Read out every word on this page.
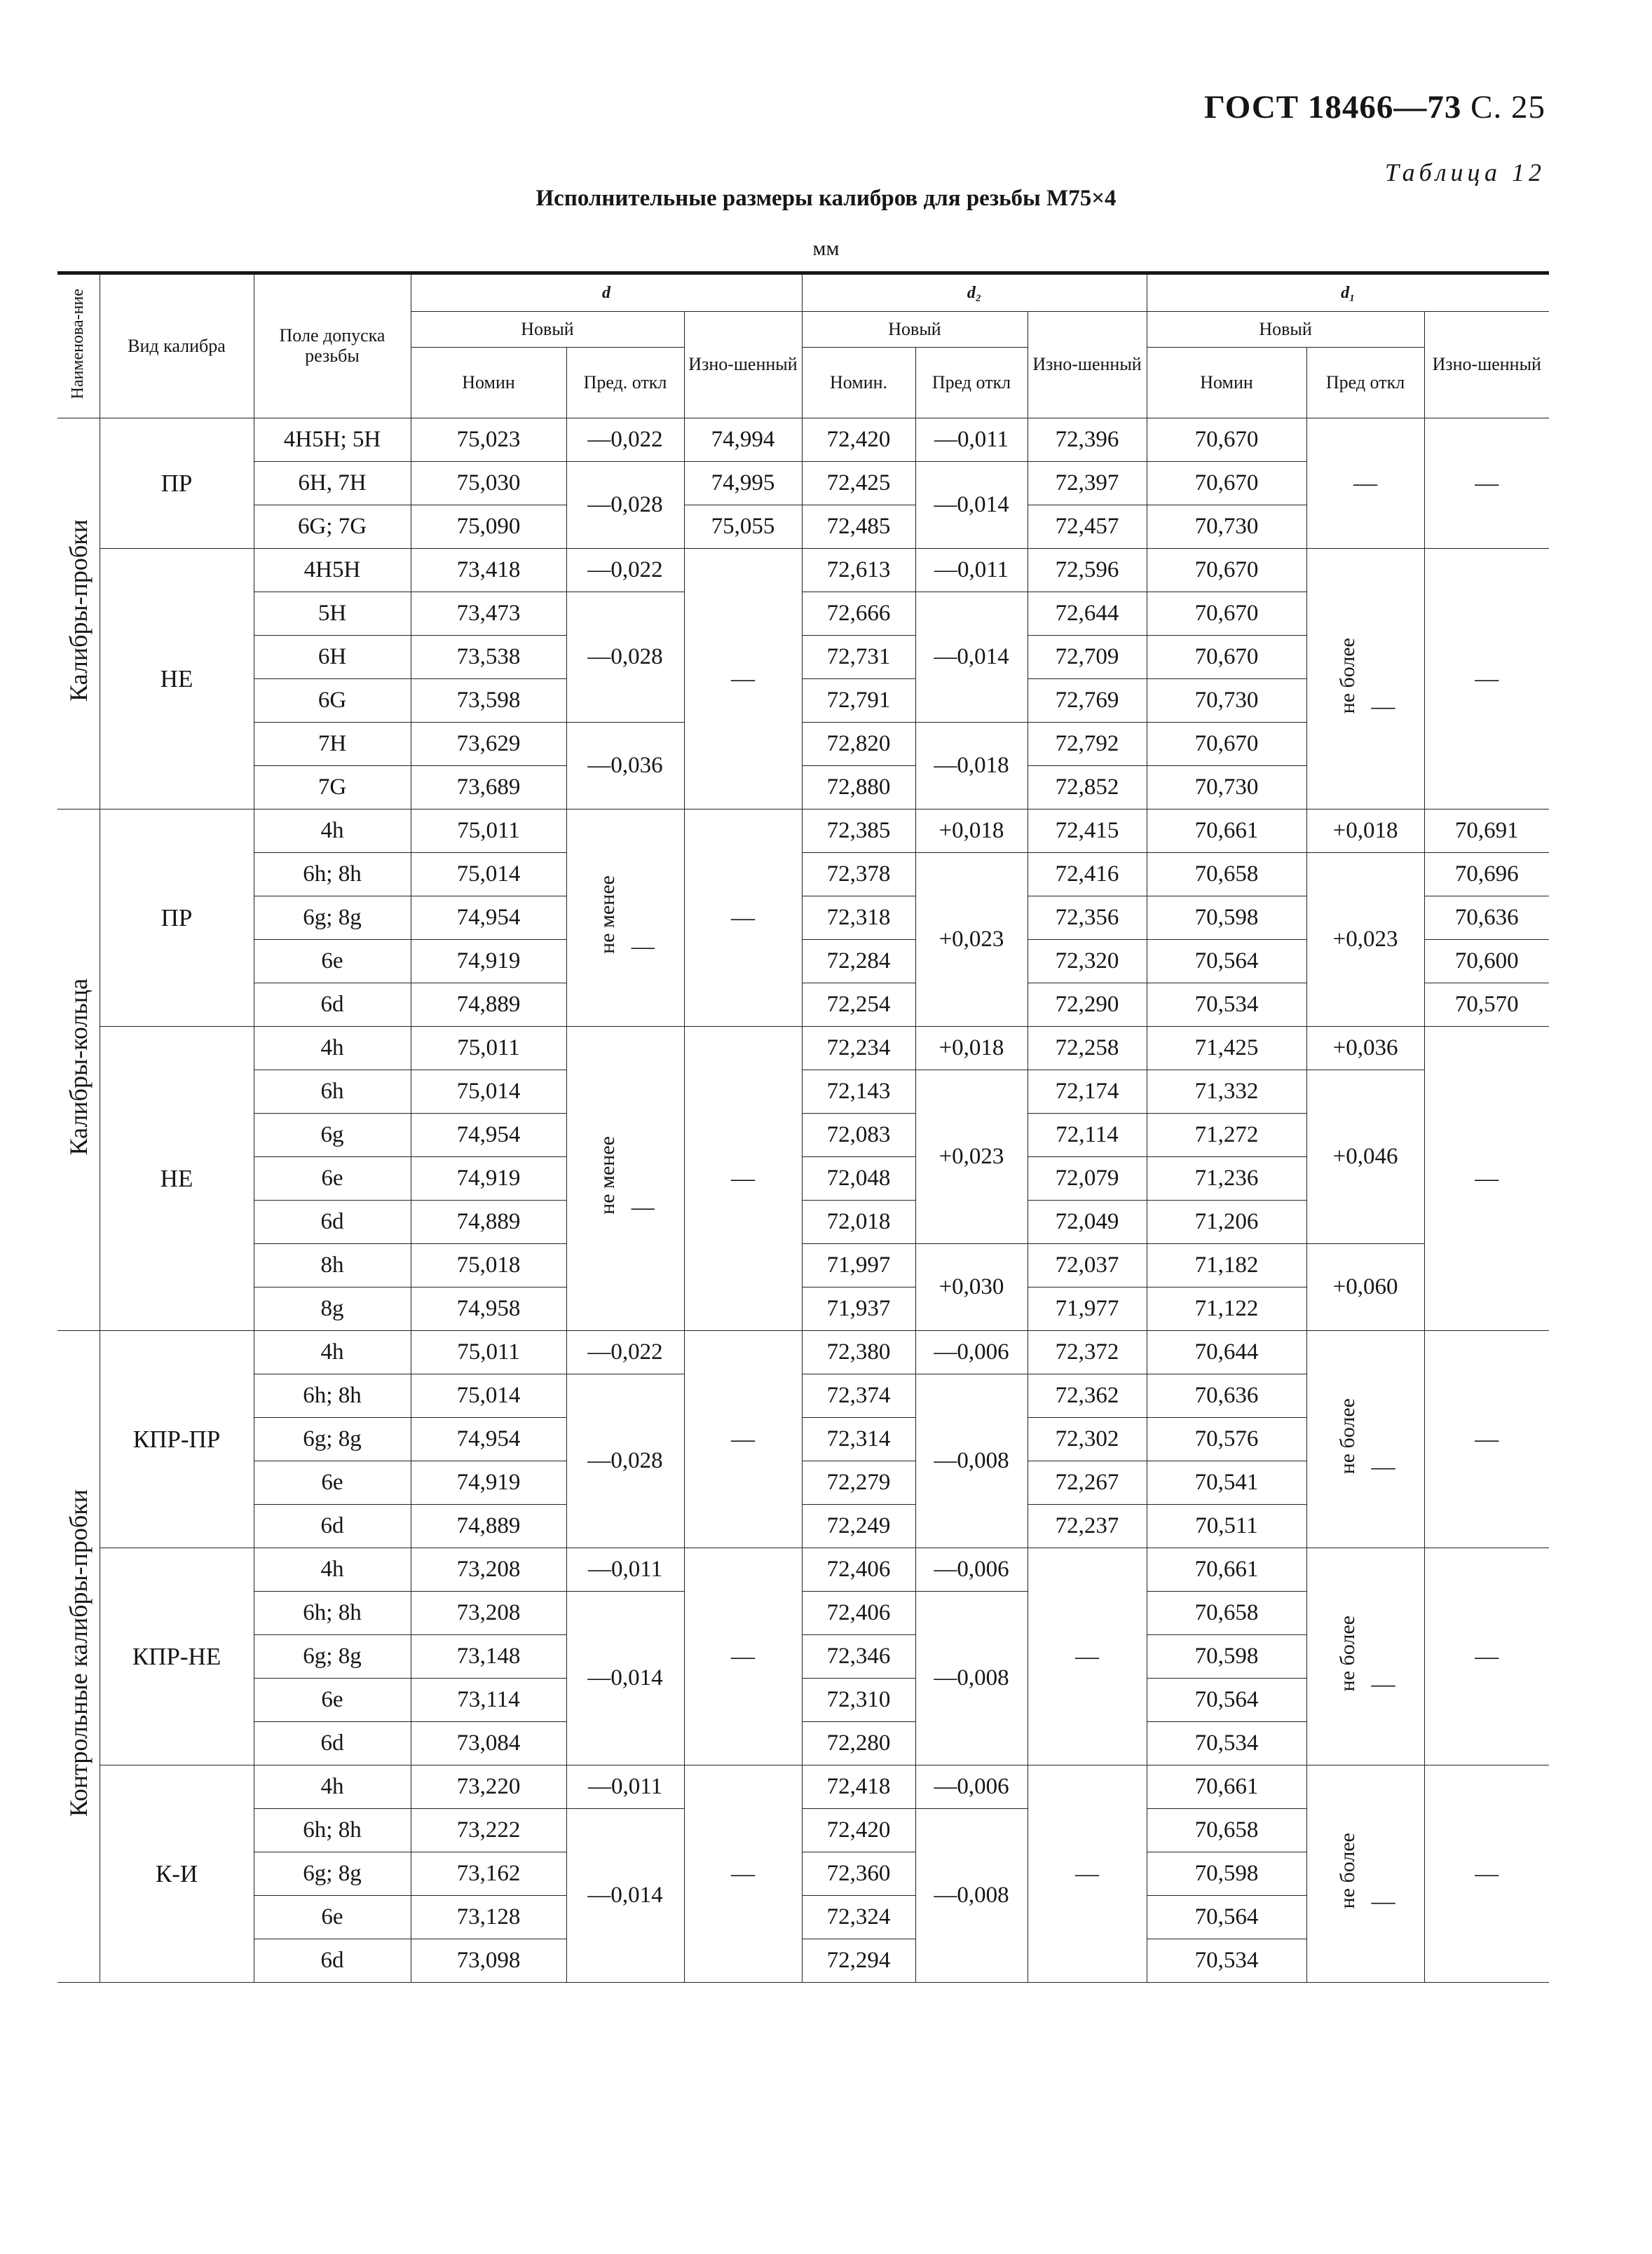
ГОСТ 18466—73 С. 25
Таблица 12
Исполнительные размеры калибров для резьбы М75×4
мм
Наименова-ние	Вид калибра	Поле допуска резьбы	d			d₂			d₁		
			Новый		Изно-шенный	Новый		Изно-шенный	Новый		Изно-шенный
			Номин	Пред. откл		Номин.	Пред откл		Номин	Пред откл	
Калибры-пробки	ПР	4H5H; 5H	75,023	—0,022	74,994	72,420	—0,011	72,396	70,670	—	—
		6H, 7H	75,030	—0,028	74,995	72,425	—0,014	72,397	70,670		
		6G; 7G	75,090		75,055	72,485		72,457	70,730		
	НЕ	4H5H	73,418	—0,022	—	72,613	—0,011	72,596	70,670	не более —	—
		5H	73,473	—0,028		72,666	—0,014	72,644	70,670		
		6H	73,538			72,731		72,709	70,670		
		6G	73,598			72,791		72,769	70,730		
		7H	73,629	—0,036		72,820	—0,018	72,792	70,670		
		7G	73,689			72,880		72,852	70,730		
Калибры-кольца	ПР	4h	75,011	не менее —	—	72,385	+0,018	72,415	70,661	+0,018	70,691
		6h; 8h	75,014			72,378	+0,023	72,416	70,658	+0,023	70,696
		6g; 8g	74,954			72,318		72,356	70,598		70,636
		6e	74,919			72,284		72,320	70,564		70,600
		6d	74,889			72,254		72,290	70,534		70,570
	НЕ	4h	75,011	не менее —	—	72,234	+0,018	72,258	71,425	+0,036	—
		6h	75,014			72,143	+0,023	72,174	71,332	+0,046	
		6g	74,954			72,083		72,114	71,272		
		6e	74,919			72,048		72,079	71,236		
		6d	74,889			72,018		72,049	71,206		
		8h	75,018			71,997	+0,030	72,037	71,182	+0,060	
		8g	74,958			71,937		71,977	71,122		
Контрольные калибры-пробки	КПР-ПР	4h	75,011	—0,022	—	72,380	—0,006	72,372	70,644	не более —	—
		6h; 8h	75,014	—0,028		72,374	—0,008	72,362	70,636		
		6g; 8g	74,954			72,314		72,302	70,576		
		6e	74,919			72,279		72,267	70,541		
		6d	74,889			72,249		72,237	70,511		
	КПР-НЕ	4h	73,208	—0,011	—	72,406	—0,006	—	70,661	не более —	—
		6h; 8h	73,208	—0,014		72,406	—0,008		70,658		
		6g; 8g	73,148			72,346			70,598		
		6e	73,114			72,310			70,564		
		6d	73,084			72,280			70,534		
	К-И	4h	73,220	—0,011	—	72,418	—0,006	—	70,661	не более —	—
		6h; 8h	73,222	—0,014		72,420	—0,008		70,658		
		6g; 8g	73,162			72,360			70,598		
		6e	73,128			72,324			70,564		
		6d	73,098			72,294			70,534		
